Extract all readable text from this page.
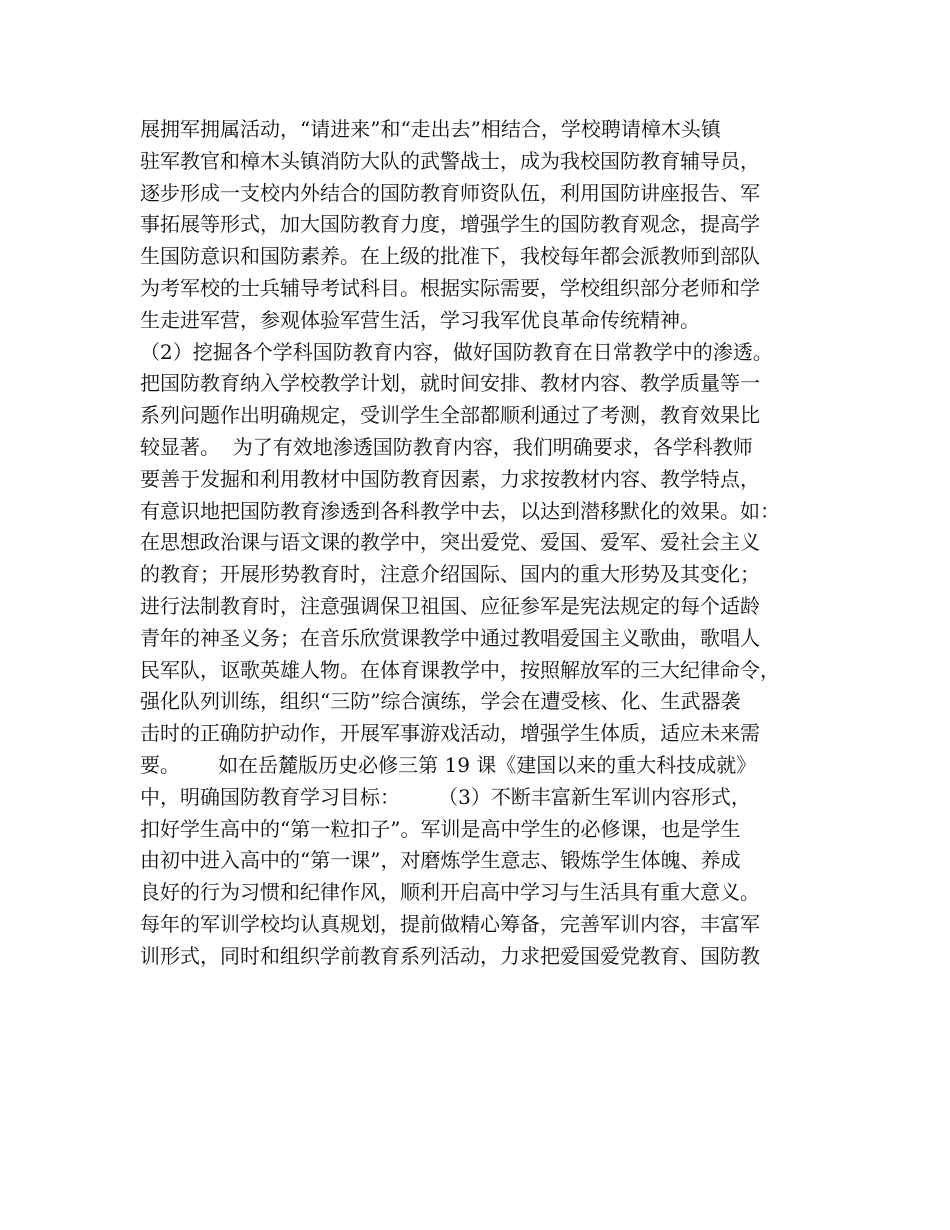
展拥军拥属活动，“请进来”和“走出去”相结合，学校聘请樟木头镇
驻军教官和樟木头镇消防大队的武警战士，成为我校国防教育辅导员，
逐步形成一支校内外结合的国防教育师资队伍，利用国防讲座报告、军
事拓展等形式，加大国防教育力度，增强学生的国防教育观念，提高学
生国防意识和国防素养。在上级的批准下，我校每年都会派教师到部队
为考军校的士兵辅导考试科目。根据实际需要，学校组织部分老师和学
生走进军营，参观体验军营生活，学习我军优良革命传统精神。
（2）挖掘各个学科国防教育内容，做好国防教育在日常教学中的渗透。
把国防教育纳入学校教学计划，就时间安排、教材内容、教学质量等一
系列问题作出明确规定，受训学生全部都顺利通过了考测，教育效果比
较显著。  为了有效地渗透国防教育内容，我们明确要求，各学科教师
要善于发掘和利用教材中国防教育因素，力求按教材内容、教学特点，
有意识地把国防教育渗透到各科教学中去，以达到潜移默化的效果。如：
在思想政治课与语文课的教学中，突出爱党、爱国、爱军、爱社会主义
的教育；开展形势教育时，注意介绍国际、国内的重大形势及其变化；
进行法制教育时，注意强调保卫祖国、应征参军是宪法规定的每个适龄
青年的神圣义务；在音乐欣赏课教学中通过教唱爱国主义歌曲，歌唱人
民军队，讴歌英雄人物。在体育课教学中，按照解放军的三大纪律命令，
强化队列训练，组织“三防”综合演练，学会在遭受核、化、生武器袭
击时的正确防护动作，开展军事游戏活动，增强学生体质，适应未来需
要。      如在岳麓版历史必修三第 19 课《建国以来的重大科技成就》
中，明确国防教育学习目标：      （3）不断丰富新生军训内容形式，
扣好学生高中的“第一粒扣子”。军训是高中学生的必修课，也是学生
由初中进入高中的“第一课”，对磨炼学生意志、锻炼学生体魄、养成
良好的行为习惯和纪律作风，顺利开启高中学习与生活具有重大意义。
每年的军训学校均认真规划，提前做精心筹备，完善军训内容，丰富军
训形式，同时和组织学前教育系列活动，力求把爱国爱党教育、国防教
